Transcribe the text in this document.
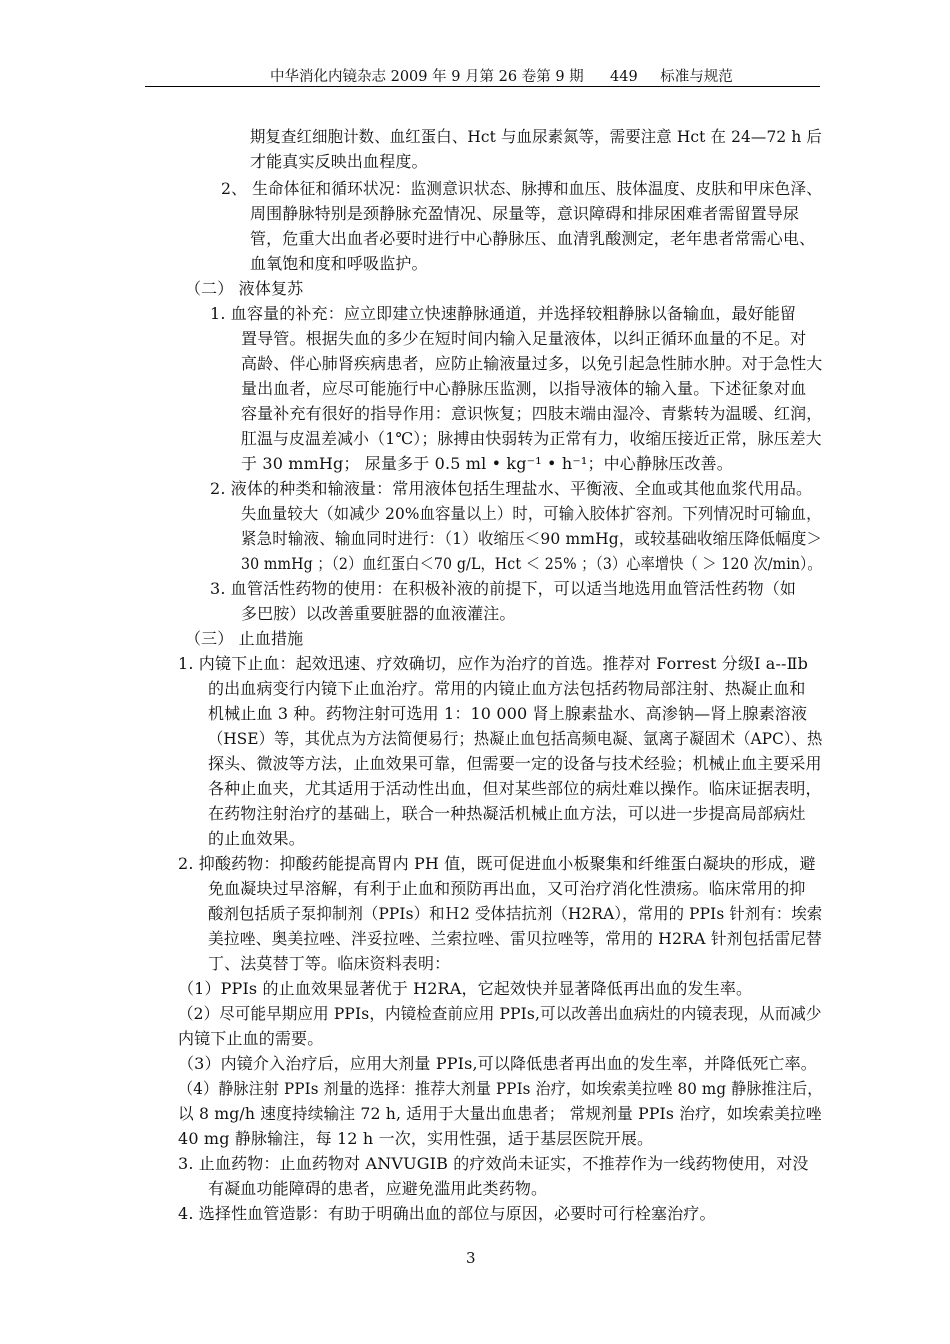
中华消化内镜杂志 2009 年 9 月第 26 卷第 9 期 449 标准与规范
期复查红细胞计数、血红蛋白、Hct 与血尿素氮等，需要注意 Hct 在 24—72 h 后
才能真实反映出血程度。
2、 生命体征和循环状况：监测意识状态、脉搏和血压、肢体温度、皮肤和甲床色泽、
周围静脉特别是颈静脉充盈情况、尿量等，意识障碍和排尿困难者需留置导尿
管，危重大出血者必要时进行中心静脉压、血清乳酸测定，老年患者常需心电、
血氧饱和度和呼吸监护。
（二） 液体复苏
1. 血容量的补充：应立即建立快速静脉通道，并选择较粗静脉以备输血，最好能留
置导管。根据失血的多少在短时间内输入足量液体，以纠正循环血量的不足。对
高龄、伴心肺肾疾病患者，应防止输液量过多，以免引起急性肺水肿。对于急性大
量出血者，应尽可能施行中心静脉压监测，以指导液体的输入量。下述征象对血
容量补充有很好的指导作用：意识恢复；四肢末端由湿冷、青紫转为温暖、红润，
肛温与皮温差减小（1℃）；脉搏由快弱转为正常有力，收缩压接近正常，脉压差大
于 30 mmHg； 尿量多于 0.5 ml • kg⁻¹ • h⁻¹；中心静脉压改善。
2. 液体的种类和输液量：常用液体包括生理盐水、平衡液、全血或其他血浆代用品。
失血量较大（如减少 20%血容量以上）时，可输入胶体扩容剂。下列情况时可输血，
紧急时输液、输血同时进行：（1）收缩压＜90 mmHg，或较基础收缩压降低幅度＞
30 mmHg ；（2）血红蛋白＜70 g/L，Hct ＜ 25% ；（3）心率增快（ ＞ 120 次/min）。
3. 血管活性药物的使用：在积极补液的前提下，可以适当地选用血管活性药物（如
多巴胺）以改善重要脏器的血液灌注。
（三） 止血措施
1. 内镜下止血：起效迅速、疗效确切，应作为治疗的首选。推荐对 Forrest 分级Ⅰ a--Ⅱb
的出血病变行内镜下止血治疗。常用的内镜止血方法包括药物局部注射、热凝止血和
机械止血 3 种。药物注射可选用 1：10 000 肾上腺素盐水、高渗钠—肾上腺素溶液
（HSE）等，其优点为方法简便易行；热凝止血包括高频电凝、氩离子凝固术（APC）、热
探头、微波等方法，止血效果可靠，但需要一定的设备与技术经验；机械止血主要采用
各种止血夹，尤其适用于活动性出血，但对某些部位的病灶难以操作。临床证据表明，
在药物注射治疗的基础上，联合一种热凝活机械止血方法，可以进一步提高局部病灶
的止血效果。
2. 抑酸药物：抑酸药能提高胃内 PH 值，既可促进血小板聚集和纤维蛋白凝块的形成，避
免血凝块过早溶解，有利于止血和预防再出血，又可治疗消化性溃疡。临床常用的抑
酸剂包括质子泵抑制剂（PPIs）和Ｈ2 受体拮抗剂（H2RA），常用的 PPIs 针剂有：埃索
美拉唑、奥美拉唑、泮妥拉唑、兰索拉唑、雷贝拉唑等，常用的 H2RA 针剂包括雷尼替
丁、法莫替丁等。临床资料表明：
（1）PPIs 的止血效果显著优于 H2RA，它起效快并显著降低再出血的发生率。
（2）尽可能早期应用 PPIs，内镜检查前应用 PPIs,可以改善出血病灶的内镜表现，从而减少
内镜下止血的需要。
（3）内镜介入治疗后，应用大剂量 PPIs,可以降低患者再出血的发生率，并降低死亡率。
（4）静脉注射 PPIs 剂量的选择：推荐大剂量 PPIs 治疗，如埃索美拉唑 80 mg 静脉推注后，
以 8 mg/h 速度持续输注 72 h, 适用于大量出血患者； 常规剂量 PPIs 治疗，如埃索美拉唑
40 mg 静脉输注，每 12 h 一次，实用性强，适于基层医院开展。
3. 止血药物：止血药物对 ANVUGIB 的疗效尚未证实，不推荐作为一线药物使用，对没
有凝血功能障碍的患者，应避免滥用此类药物。
4. 选择性血管造影：有助于明确出血的部位与原因，必要时可行栓塞治疗。
3
